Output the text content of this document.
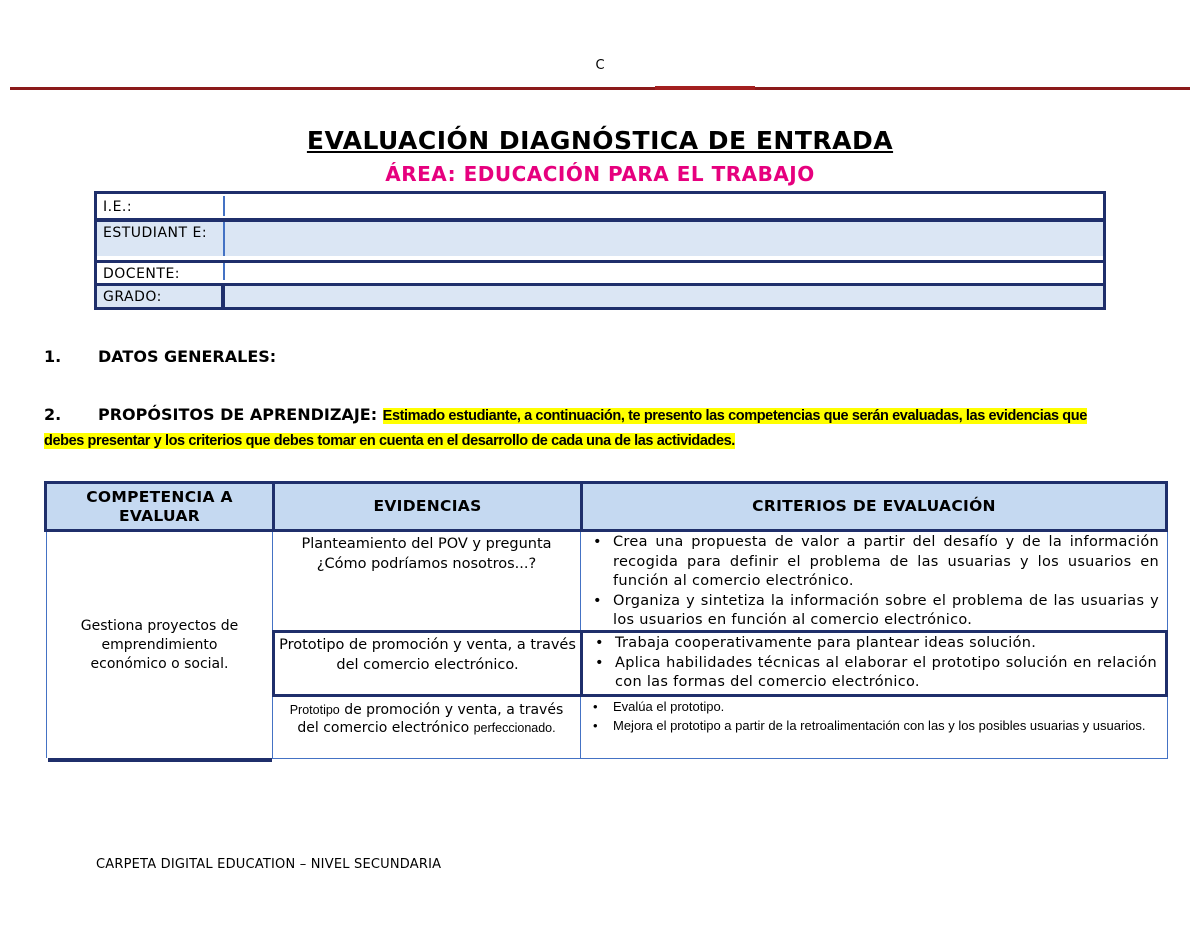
C
EVALUACIÓN DIAGNÓSTICA DE ENTRADA
ÁREA: EDUCACIÓN PARA EL TRABAJO
I.E.:
ESTUDIANT E:
DOCENTE:
GRADO:
1. DATOS GENERALES:
2. PROPÓSITOS DE APRENDIZAJE: Estimado estudiante, a continuación, te presento las competencias que serán evaluadas, las evidencias que debes presentar y los criterios que debes tomar en cuenta en el desarrollo de cada una de las actividades.
COMPETENCIA A EVALUAR
EVIDENCIAS	CRITERIOS DE EVALUACIÓN
Gestiona proyectos de emprendimiento económico o social.
Planteamiento del POV y pregunta ¿Cómo podríamos nosotros...?
• Crea una propuesta de valor a partir del desafío y de la información recogida para definir el problema de las usuarias y los usuarios en función al comercio electrónico.
• Organiza y sintetiza la información sobre el problema de las usuarias y los usuarios en función al comercio electrónico.
Prototipo de promoción y venta, a través del comercio electrónico.
• Trabaja cooperativamente para plantear ideas solución.
• Aplica habilidades técnicas al elaborar el prototipo solución en relación con las formas del comercio electrónico.
Prototipo de promoción y venta, a través del comercio electrónico perfeccionado.
• Evalúa el prototipo.
• Mejora el prototipo a partir de la retroalimentación con las y los posibles usuarias y usuarios.
CARPETA DIGITAL EDUCATION – NIVEL SECUNDARIA
